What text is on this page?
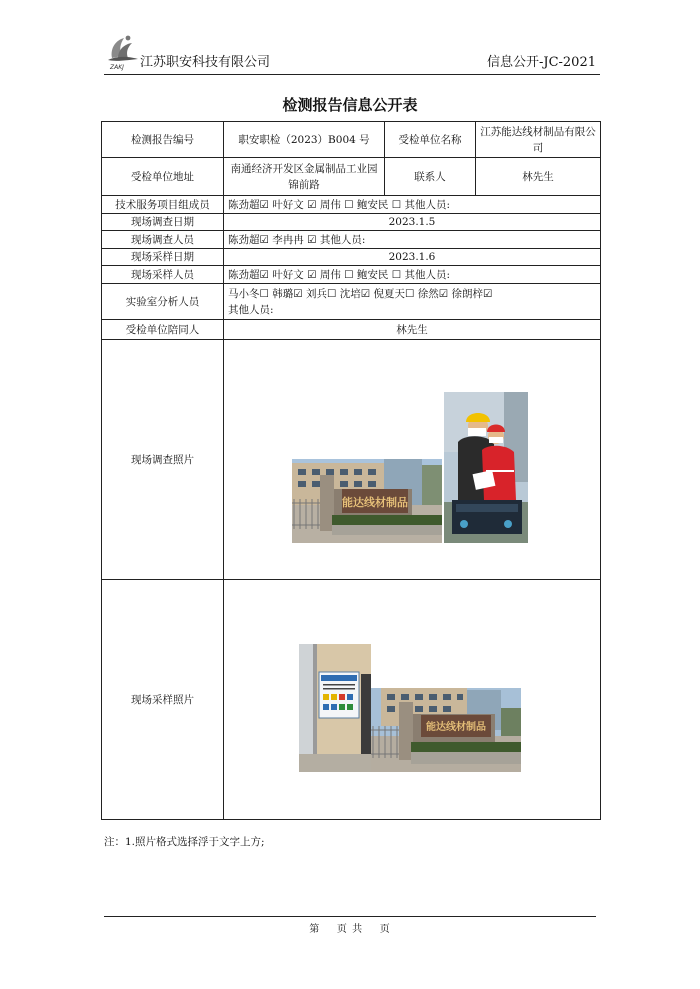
ZAKJ 江苏职安科技有限公司	信息公开-JC-2021
检测报告信息公开表
检测报告编号	职安职检（2023）B004 号	受检单位名称	江苏能达线材制品有限公司
受检单位地址	南通经济开发区金属制品工业园锦前路	联系人	林先生
技术服务项目组成员	陈劲超☑ 叶好文 ☑ 周伟 ☐ 鲍安民 ☐ 其他人员:		
现场调查日期	2023.1.5		
现场调查人员	陈劲超☑ 李冉冉 ☑ 其他人员:		
现场采样日期	2023.1.6		
现场采样人员	陈劲超☑ 叶好文 ☑ 周伟 ☐ 鲍安民 ☐ 其他人员:		
实验室分析人员	马小冬☐ 韩璐☑ 刘兵☐ 沈培☑ 倪夏天☐ 徐然☑ 徐朗梓☑
其他人员:		

受检单位陪同人	林先生		
现场调查照片			
现场采样照片			
能达线材制品
能达线材制品
注：1.照片格式选择浮于文字上方;
第    页 共    页
